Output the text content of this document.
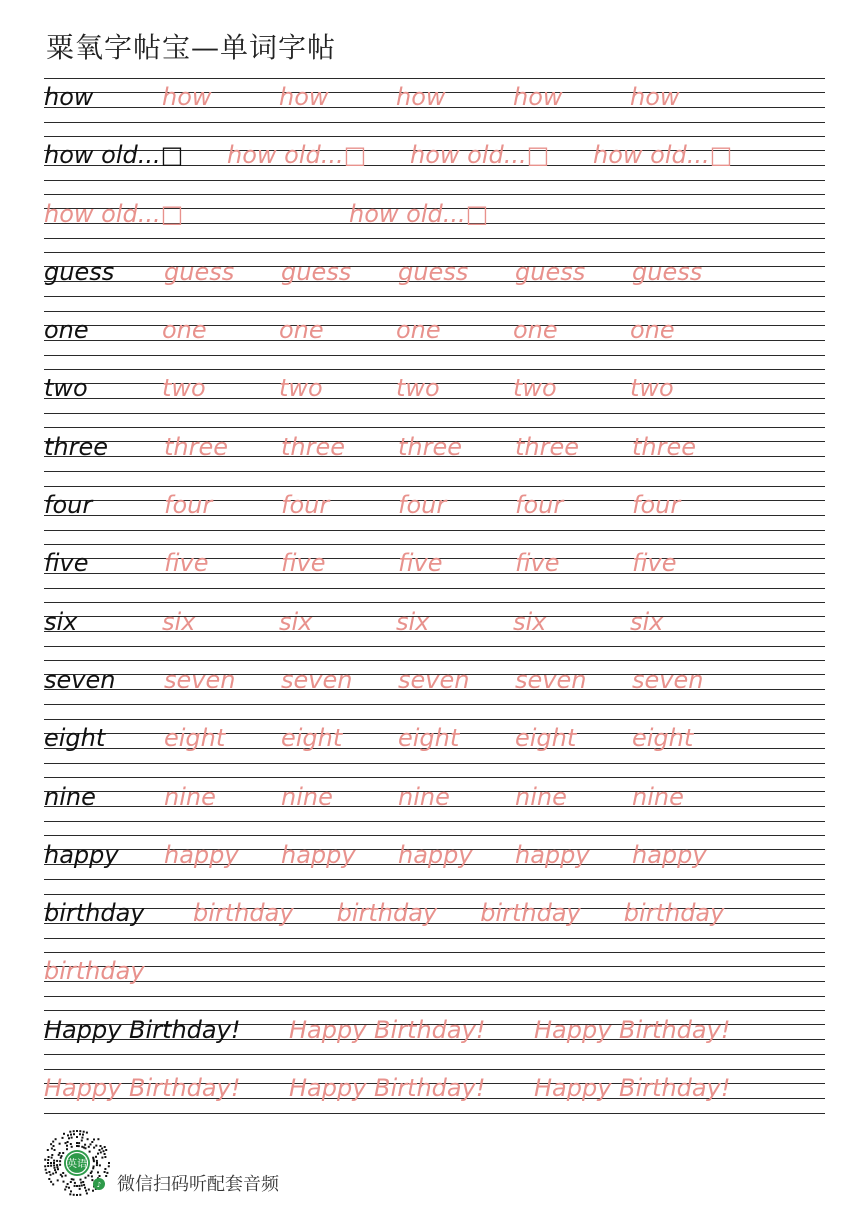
粟氧字帖宝—单词字帖
how	how	how	how	how	how
how old...□ how old...□ how old...□ how old...□
how old...□	how old...□
guess guess guess guess guess guess
one	one	one	one	one	one
two	two	two	two	two	two
three three three three three three
four	four	four	four	four	four
five	five	five	five	five	five
six	six	six	six	six	six
seven seven seven seven seven seven
eight eight eight eight eight eight
nine	nine	nine	nine	nine	nine
happy happy happy happy happy happy
birthday birthday birthday birthday birthday
birthday
Happy Birthday! Happy Birthday! Happy Birthday!
Happy Birthday! Happy Birthday! Happy Birthday!
英语
♪ 微信扫码听配套音频
